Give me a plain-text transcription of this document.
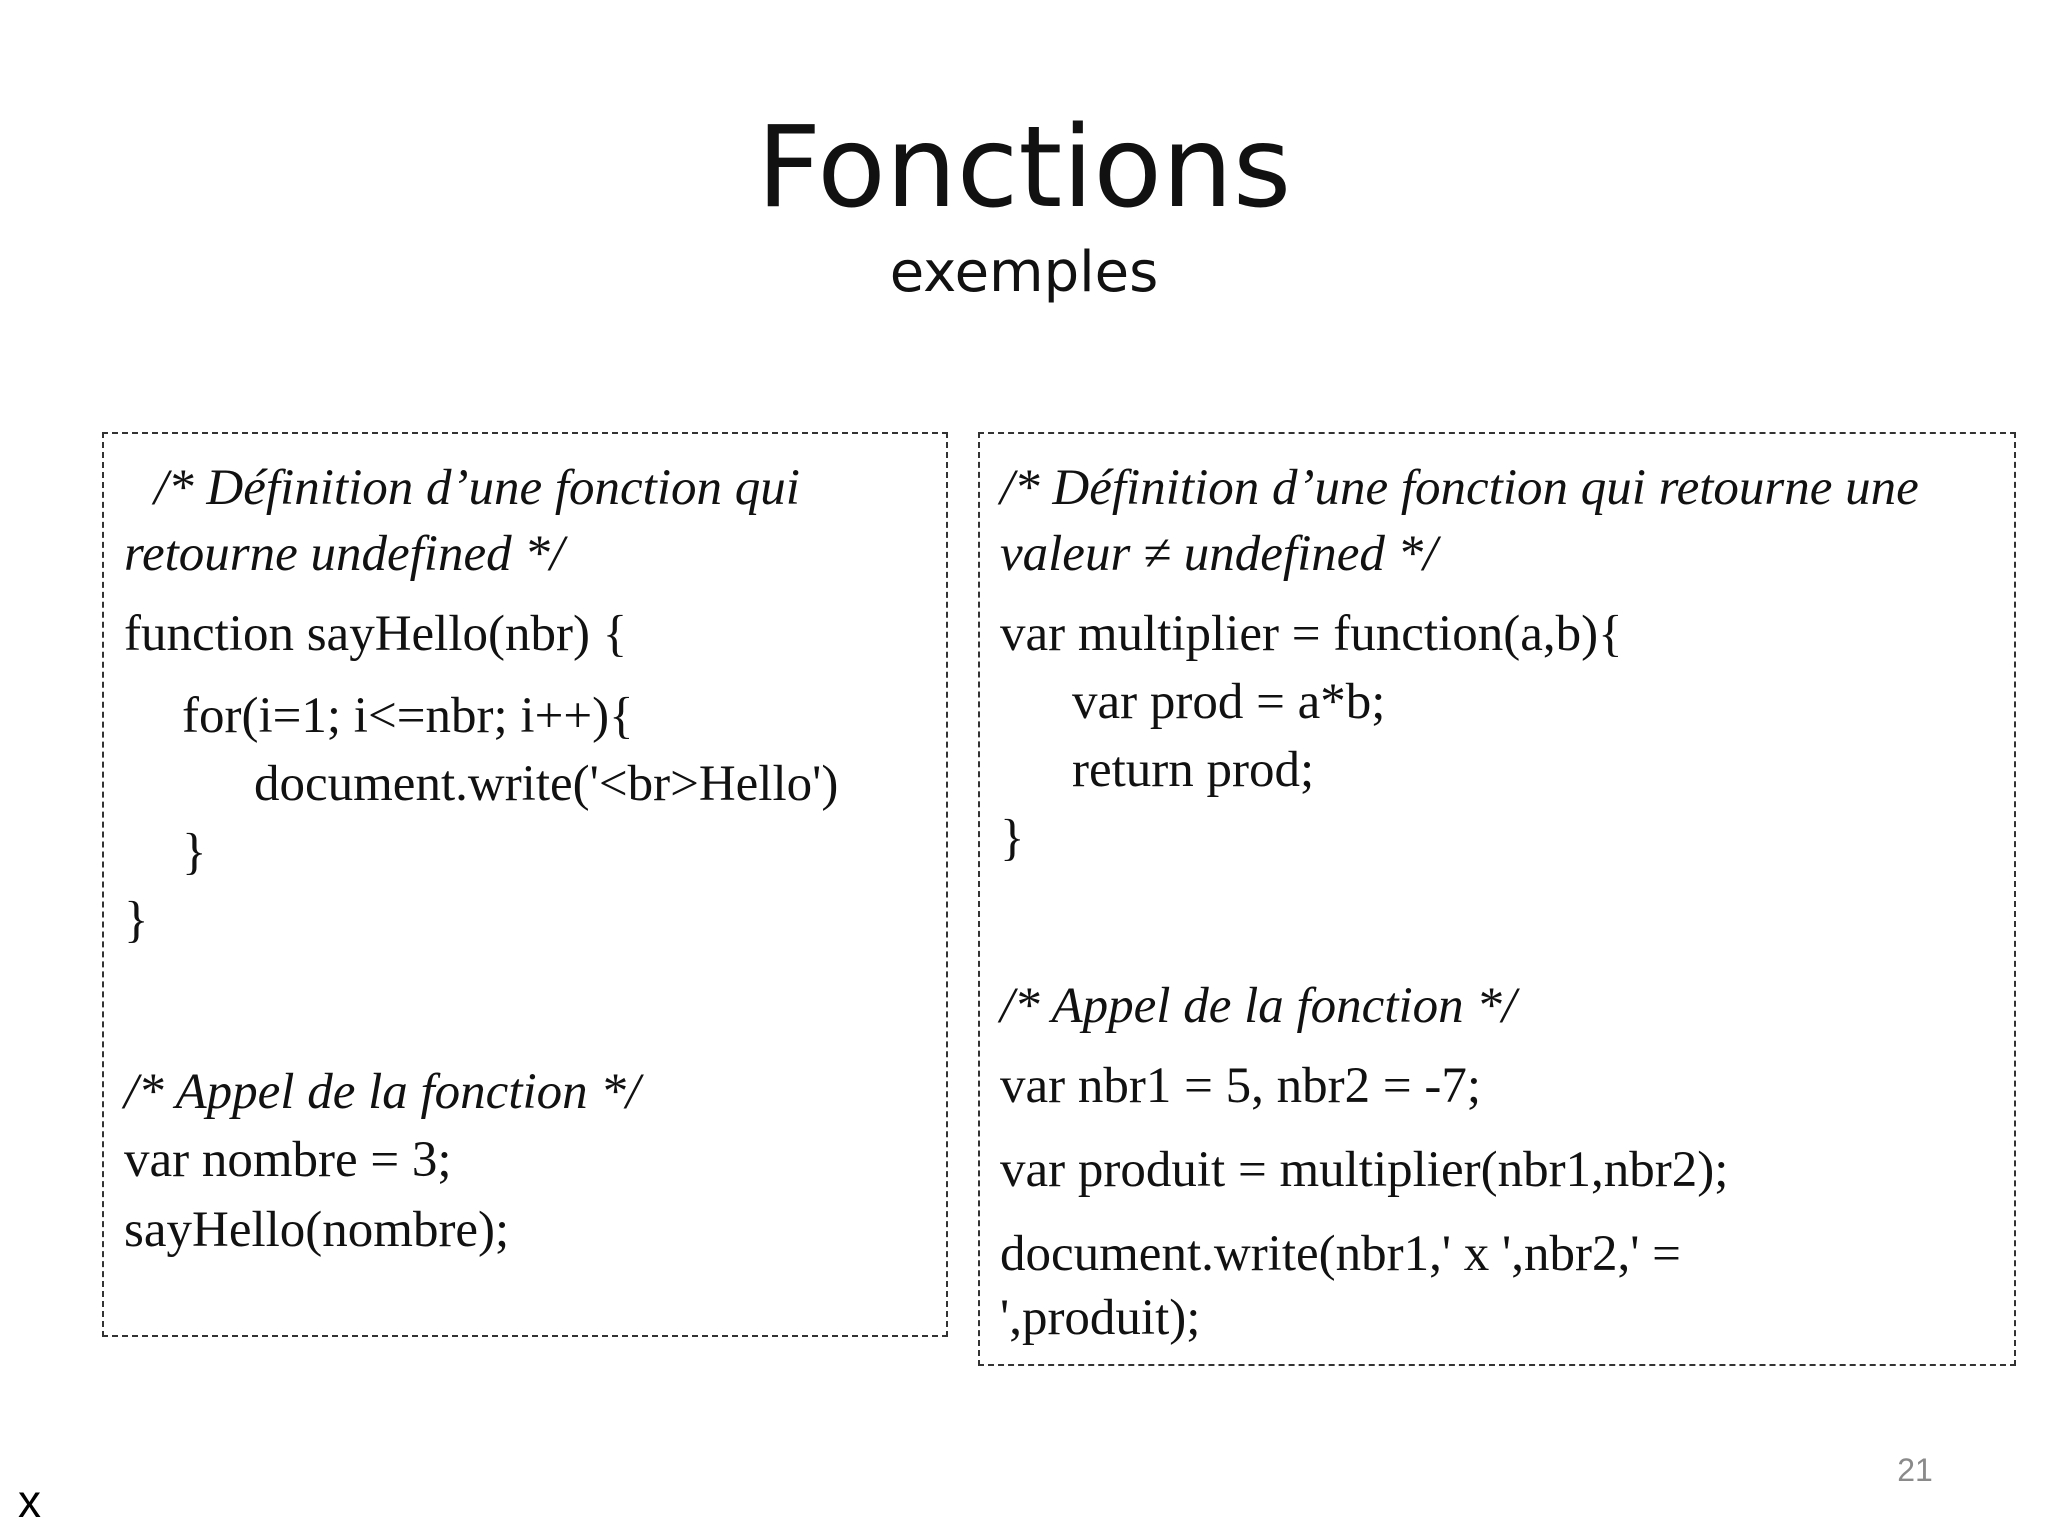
Fonctions
exemples
/* Définition d’une fonction qui
retourne undefined */
function sayHello(nbr) {
for(i=1; i<=nbr; i++){
document.write('<br>Hello')
}
}
/* Appel de la fonction */
var nombre = 3;
sayHello(nombre);
/* Définition d’une fonction qui retourne une
valeur ≠ undefined */
var multiplier = function(a,b){
var prod = a*b;
return prod;
}
/* Appel de la fonction */
var nbr1 = 5, nbr2 = -7;
var produit = multiplier(nbr1,nbr2);
document.write(nbr1,' x ',nbr2,' =
',produit);
21
x
